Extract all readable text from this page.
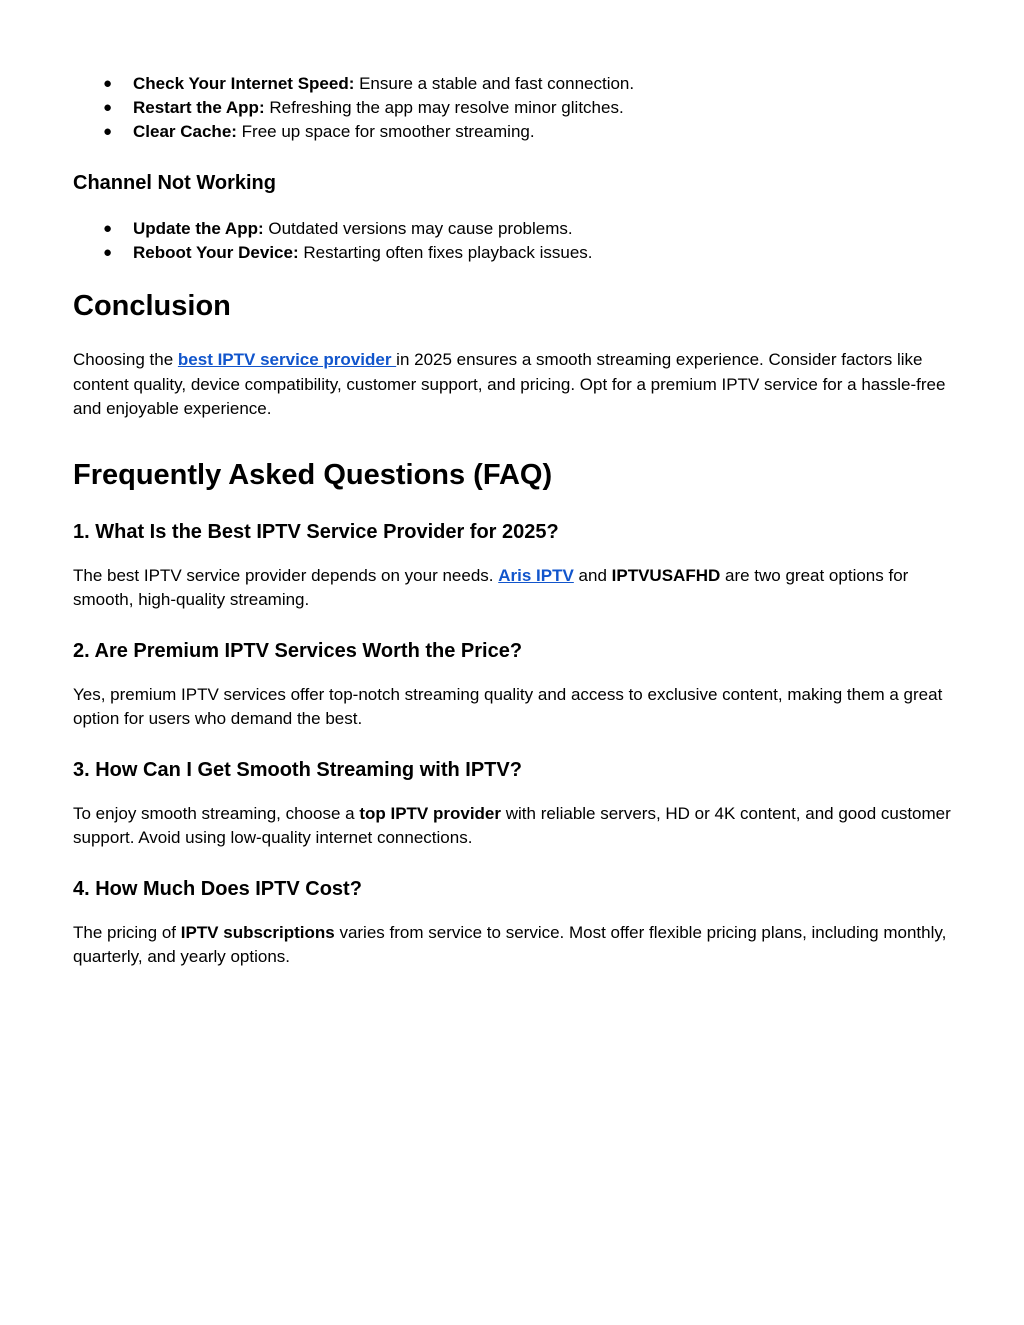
● Check Your Internet Speed: Ensure a stable and fast connection.
● Restart the App: Refreshing the app may resolve minor glitches.
● Clear Cache: Free up space for smoother streaming.
Channel Not Working
● Update the App: Outdated versions may cause problems.
● Reboot Your Device: Restarting often fixes playback issues.
Conclusion

Choosing the best IPTV service provider in 2025 ensures a smooth streaming experience. Consider factors like content quality, device compatibility, customer support, and pricing. Opt for a premium IPTV service for a hassle-free and enjoyable experience.

Frequently Asked Questions (FAQ)
1. What Is the Best IPTV Service Provider for 2025?

The best IPTV service provider depends on your needs. Aris IPTV and IPTVUSAFHD are two great options for smooth, high-quality streaming.

2. Are Premium IPTV Services Worth the Price?

Yes, premium IPTV services offer top-notch streaming quality and access to exclusive content, making them a great option for users who demand the best.

3. How Can I Get Smooth Streaming with IPTV?

To enjoy smooth streaming, choose a top IPTV provider with reliable servers, HD or 4K content, and good customer support. Avoid using low-quality internet connections.

4. How Much Does IPTV Cost?

The pricing of IPTV subscriptions varies from service to service. Most offer flexible pricing plans, including monthly, quarterly, and yearly options.
